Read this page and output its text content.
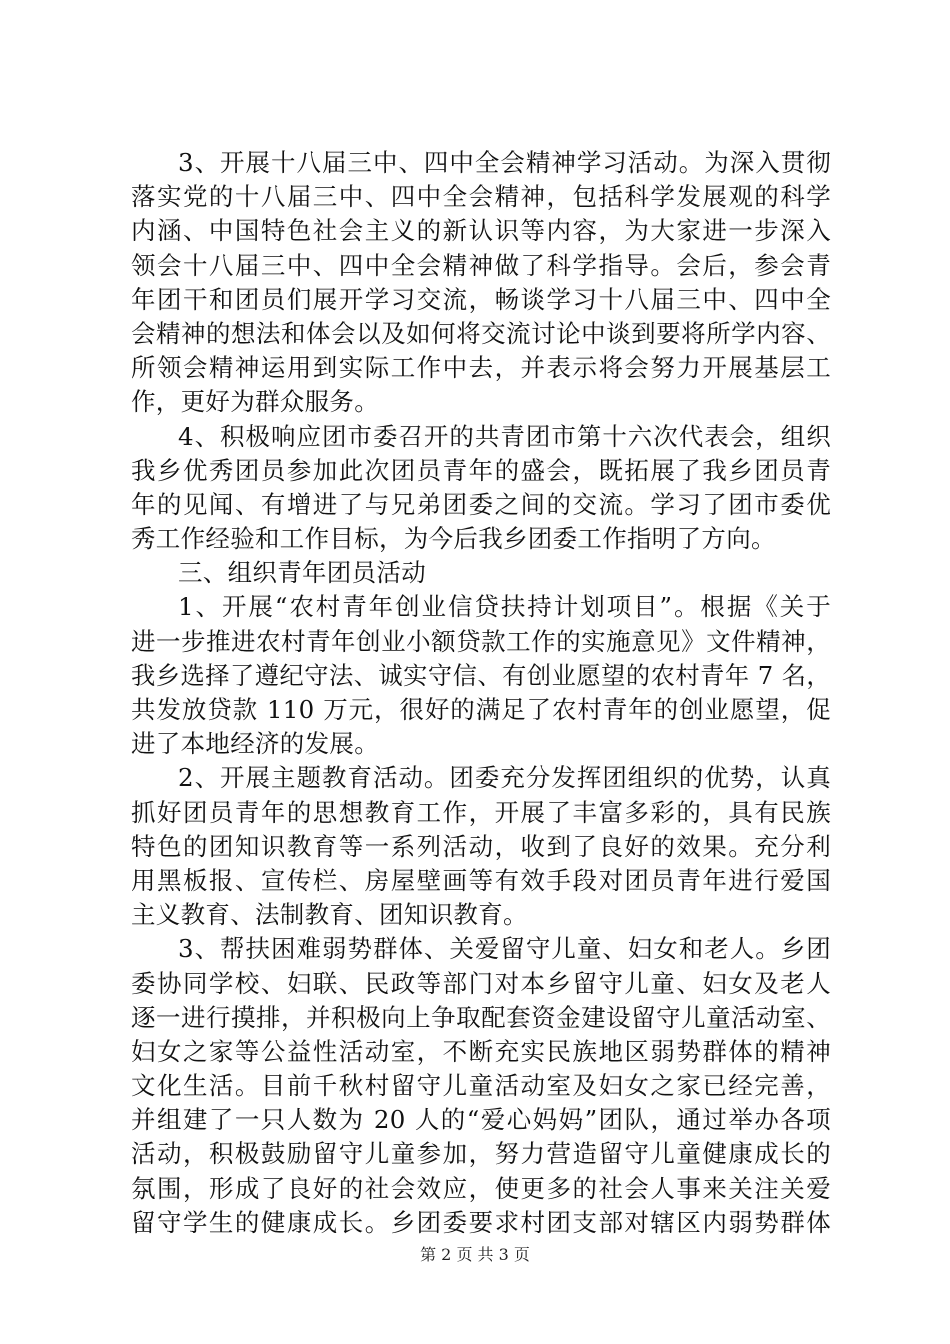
3、开展十八届三中、四中全会精神学习活动。为深入贯彻
落实党的十八届三中、四中全会精神，包括科学发展观的科学
内涵、中国特色社会主义的新认识等内容，为大家进一步深入
领会十八届三中、四中全会精神做了科学指导。会后，参会青
年团干和团员们展开学习交流，畅谈学习十八届三中、四中全
会精神的想法和体会以及如何将交流讨论中谈到要将所学内容、
所领会精神运用到实际工作中去，并表示将会努力开展基层工
作，更好为群众服务。
4、积极响应团市委召开的共青团市第十六次代表会，组织
我乡优秀团员参加此次团员青年的盛会，既拓展了我乡团员青
年的见闻、有增进了与兄弟团委之间的交流。学习了团市委优
秀工作经验和工作目标，为今后我乡团委工作指明了方向。
三、组织青年团员活动
1、开展“农村青年创业信贷扶持计划项目”。根据《关于
进一步推进农村青年创业小额贷款工作的实施意见》文件精神，
我乡选择了遵纪守法、诚实守信、有创业愿望的农村青年 7 名，
共发放贷款 110 万元，很好的满足了农村青年的创业愿望，促
进了本地经济的发展。
2、开展主题教育活动。团委充分发挥团组织的优势，认真
抓好团员青年的思想教育工作，开展了丰富多彩的，具有民族
特色的团知识教育等一系列活动，收到了良好的效果。充分利
用黑板报、宣传栏、房屋壁画等有效手段对团员青年进行爱国
主义教育、法制教育、团知识教育。
3、帮扶困难弱势群体、关爱留守儿童、妇女和老人。乡团
委协同学校、妇联、民政等部门对本乡留守儿童、妇女及老人
逐一进行摸排，并积极向上争取配套资金建设留守儿童活动室、
妇女之家等公益性活动室，不断充实民族地区弱势群体的精神
文化生活。目前千秋村留守儿童活动室及妇女之家已经完善，
并组建了一只人数为 20 人的“爱心妈妈”团队，通过举办各项
活动，积极鼓励留守儿童参加，努力营造留守儿童健康成长的
氛围，形成了良好的社会效应，使更多的社会人事来关注关爱
留守学生的健康成长。乡团委要求村团支部对辖区内弱势群体
第 2 页 共 3 页
